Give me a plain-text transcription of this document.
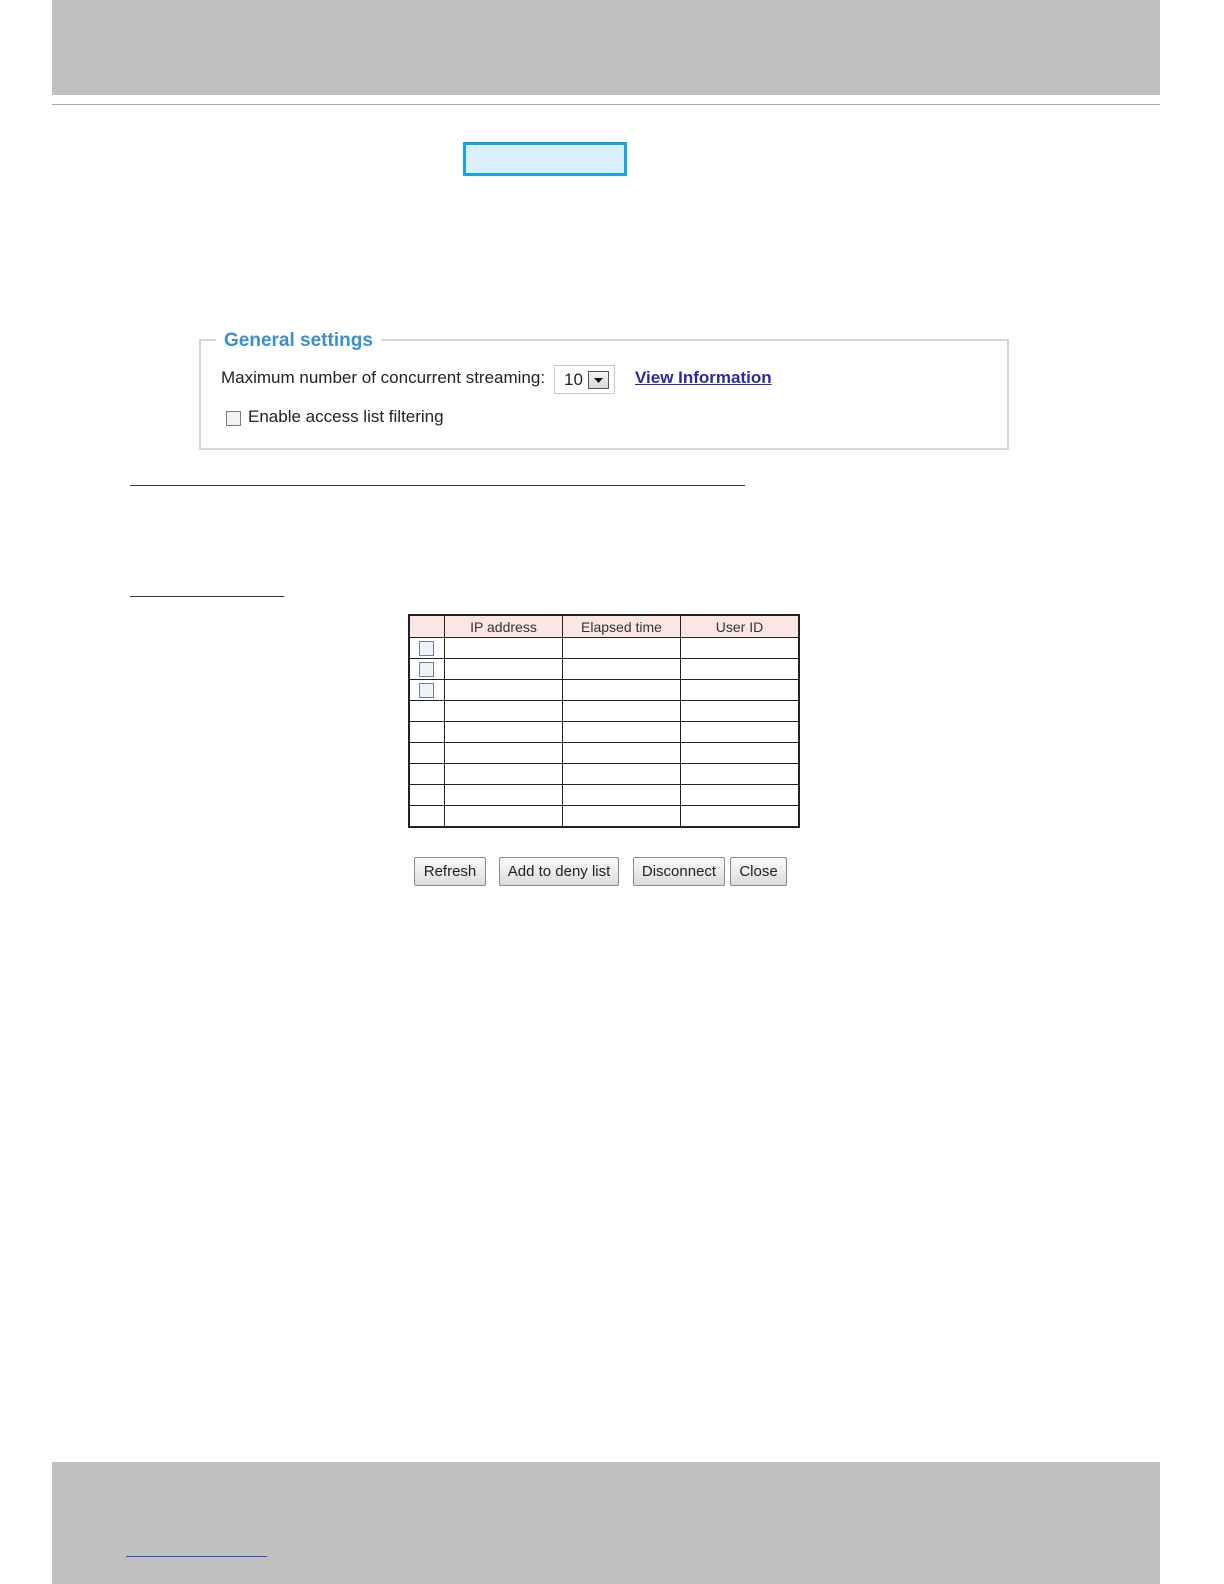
General settings
Maximum number of concurrent streaming: 10	View Information
Enable access list filtering
	IP address	Elapsed time	User ID

Refresh	Add to deny list	Disconnect	Close
